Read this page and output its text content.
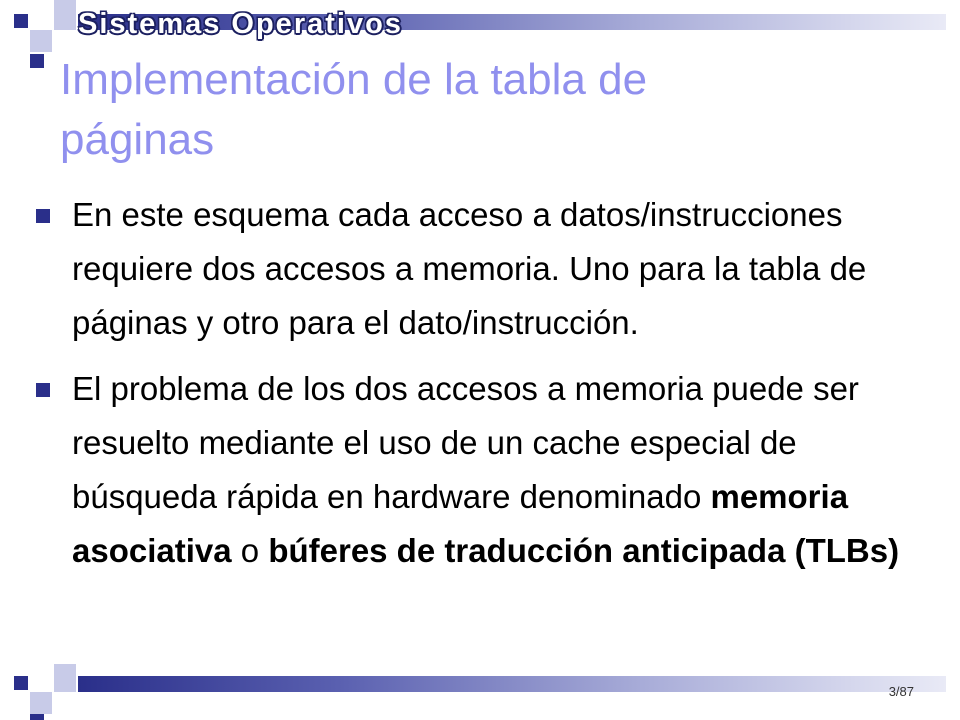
Sistemas Operativos
Implementación de la tabla de
páginas
En este esquema cada acceso a datos/instrucciones requiere dos accesos a memoria. Uno para la tabla de páginas y otro para el dato/instrucción.
El problema de los dos accesos a memoria puede ser resuelto mediante el uso de un cache especial de búsqueda rápida en hardware denominado memoria asociativa o búferes de traducción anticipada (TLBs)
3/87
